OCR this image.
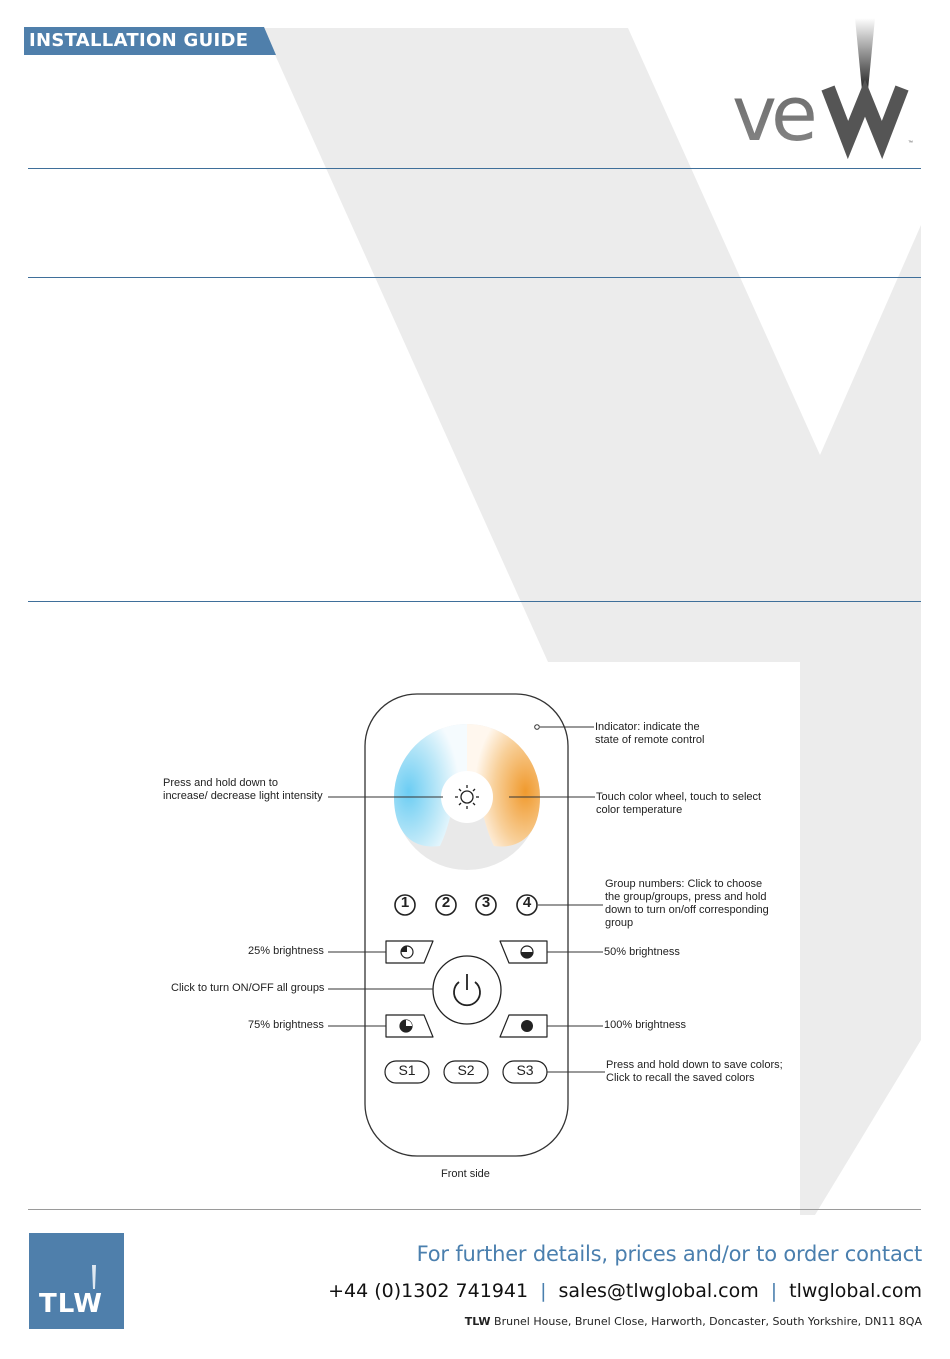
INSTALLATION GUIDE
ve	™
1 2 3 4
S1	S2	S3
Indicator: indicate the
state of remote control
Press and hold down to
increase/ decrease light intensity	Touch color wheel, touch to select
color temperature
Group numbers: Click to choose
the group/groups, press and hold
down to turn on/off corresponding
group
25% brightness	50% brightness
Click to turn ON/OFF all groups
75% brightness	100% brightness
Press and hold down to save colors;
Click to recall the saved colors
Front side
TLW
For further details, prices and/or to order contact
+44 (0)1302 741941 | sales@tlwglobal.com | tlwglobal.com
TLW Brunel House, Brunel Close, Harworth, Doncaster, South Yorkshire, DN11 8QA
